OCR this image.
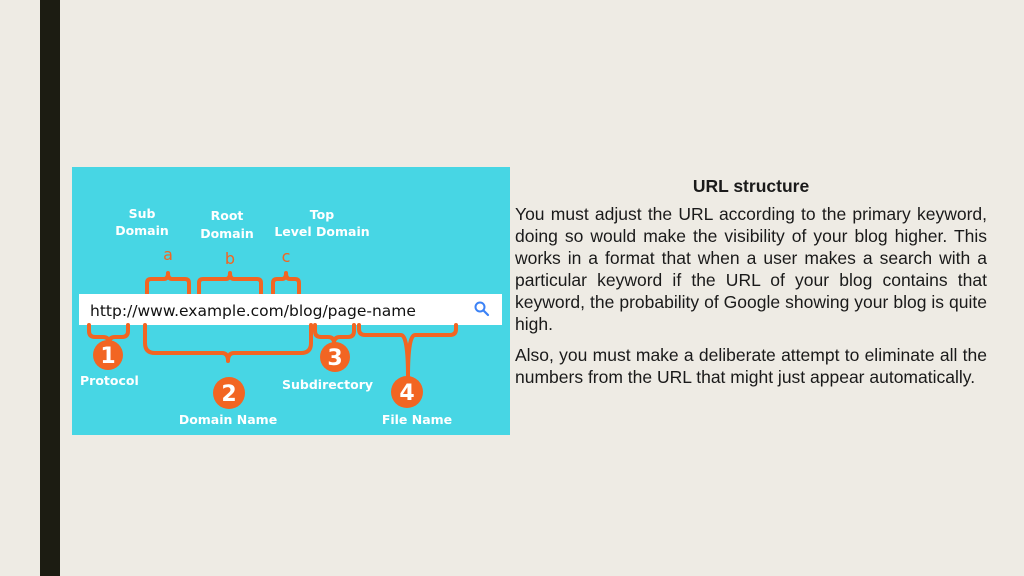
Sub
Domain
Root
Domain
Top
Level Domain
a	b	c
http://www.example.com/blog/page-name
1
2
3
4
Protocol
Domain Name
Subdirectory
File Name

URL structure

You must adjust the URL according to the primary keyword, doing so would make the visibility of your blog higher. This works in a format that when a user makes a search with a particular keyword if the URL of your blog contains that keyword, the probability of Google showing your blog is quite high.

Also, you must make a deliberate attempt to eliminate all the numbers from the URL that might just appear automatically.
